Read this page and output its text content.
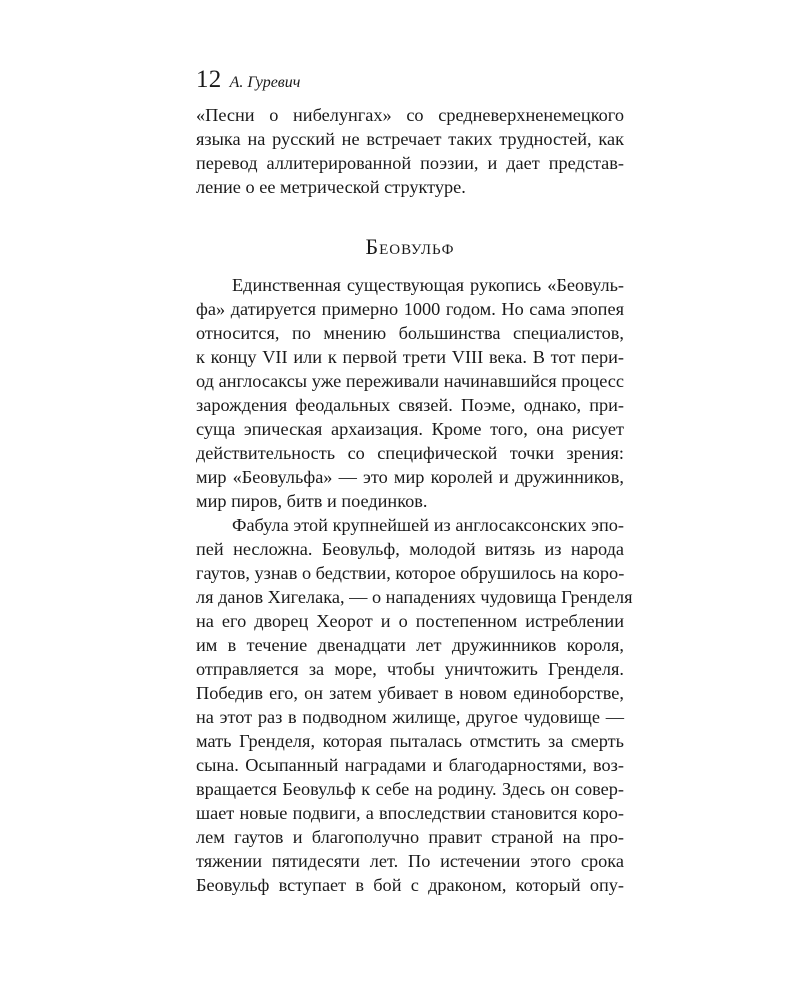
12 А. Гуревич
«Песни о нибелунгах» со средневерхненемецкого
языка на русский не встречает таких трудностей, как
перевод аллитерированной поэзии, и дает представ-
ление о ее метрической структуре.
Беовульф
Единственная существующая рукопись «Беовуль-
фа» датируется примерно 1000 годом. Но сама эпопея
относится, по мнению большинства специалистов,
к концу VII или к первой трети VIII века. В тот пери-
од англосаксы уже переживали начинавшийся процесс
зарождения феодальных связей. Поэме, однако, при-
суща эпическая архаизация. Кроме того, она рисует
действительность со специфической точки зрения:
мир «Беовульфа» — это мир королей и дружинников,
мир пиров, битв и поединков.
Фабула этой крупнейшей из англосаксонских эпо-
пей несложна. Беовульф, молодой витязь из народа
гаутов, узнав о бедствии, которое обрушилось на коро-
ля данов Хигелака, — о нападениях чудовища Гренделя
на его дворец Хеорот и о постепенном истреблении
им в течение двенадцати лет дружинников короля,
отправляется за море, чтобы уничтожить Гренделя.
Победив его, он затем убивает в новом единоборстве,
на этот раз в подводном жилище, другое чудовище —
мать Гренделя, которая пыталась отмстить за смерть
сына. Осыпанный наградами и благодарностями, воз-
вращается Беовульф к себе на родину. Здесь он совер-
шает новые подвиги, а впоследствии становится коро-
лем гаутов и благополучно правит страной на про-
тяжении пятидесяти лет. По истечении этого срока
Беовульф вступает в бой с драконом, который опу-
